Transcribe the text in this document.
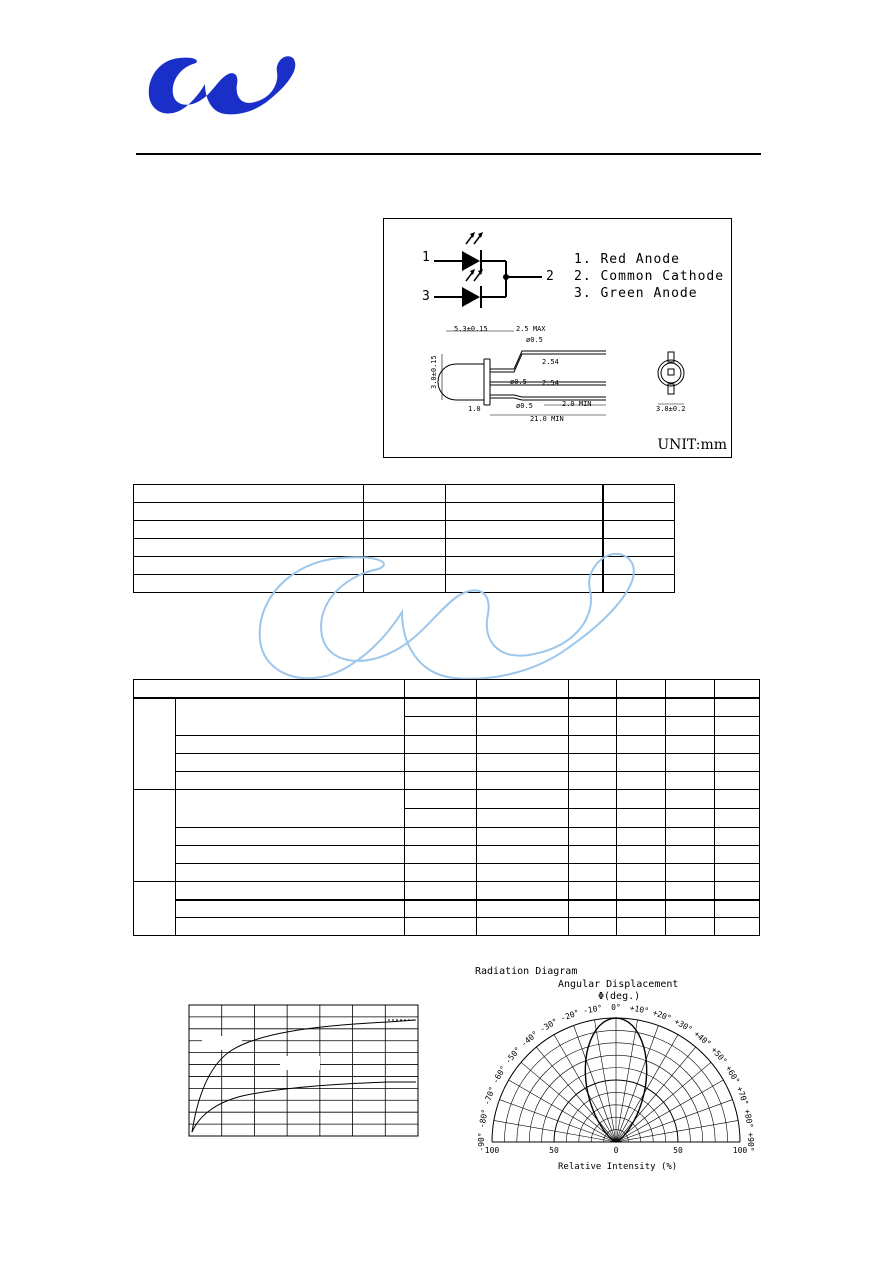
1
2
3
1. Red Anode
2. Common Cathode
3. Green Anode
5.3±0.15	2.5 MAX
ø0.5
2.54
ø0.5 2.54
ø0.5	2.0 MIN
21.0 MIN
1.0
3.0±0.15
3.8±0.2
UNIT:mm

Radiation Diagram
Angular Displacement
Φ(deg.)
0°
-10°	+10°
-20°	+20°
-30°	+30°
-40°	+40°
-50°	+50°
-60°	+60°
-70°	+70°
-80°	+80°
-90°	+90°
100	50	0	50	100
Relative Intensity (%)
